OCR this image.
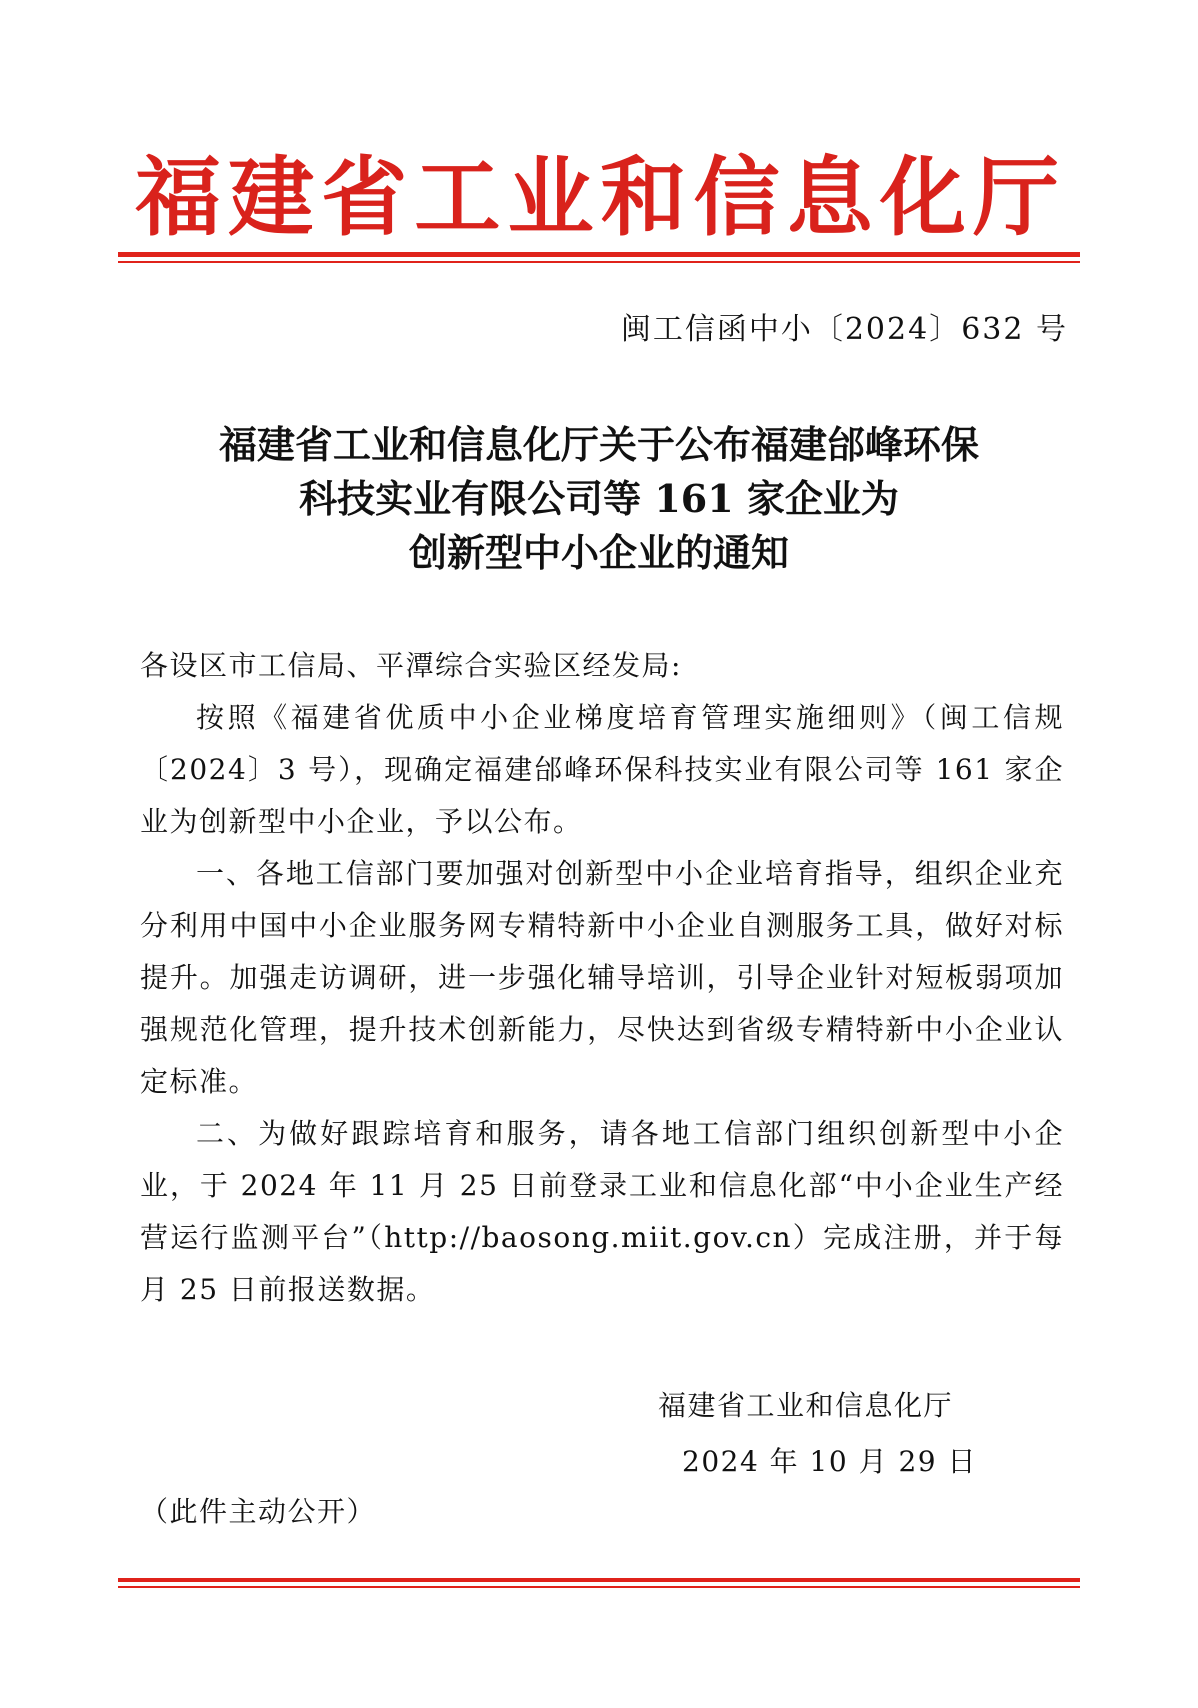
福 建 省 工 业 和 信 息 化 厅
闽工信函中小〔2024〕632 号
福建省工业和信息化厅关于公布福建邰峰环保
科技实业有限公司等 161 家企业为
创新型中小企业的通知

各设区市工信局、平潭综合实验区经发局:

按照《福建省优质中小企业梯度培育管理实施细则》（闽工信规〔2024〕3 号），现确定福建邰峰环保科技实业有限公司等 161 家企业为创新型中小企业，予以公布。

一、各地工信部门要加强对创新型中小企业培育指导，组织企业充分利用中国中小企业服务网专精特新中小企业自测服务工具，做好对标提升。加强走访调研，进一步强化辅导培训，引导企业针对短板弱项加强规范化管理，提升技术创新能力，尽快达到省级专精特新中小企业认定标准。

二、为做好跟踪培育和服务，请各地工信部门组织创新型中小企业，于 2024 年 11 月 25 日前登录工业和信息化部“中小企业生产经营运行监测平台”（http://baosong.miit.gov.cn）完成注册，并于每月 25 日前报送数据。

福建省工业和信息化厅
2024 年 10 月 29 日
（此件主动公开）
